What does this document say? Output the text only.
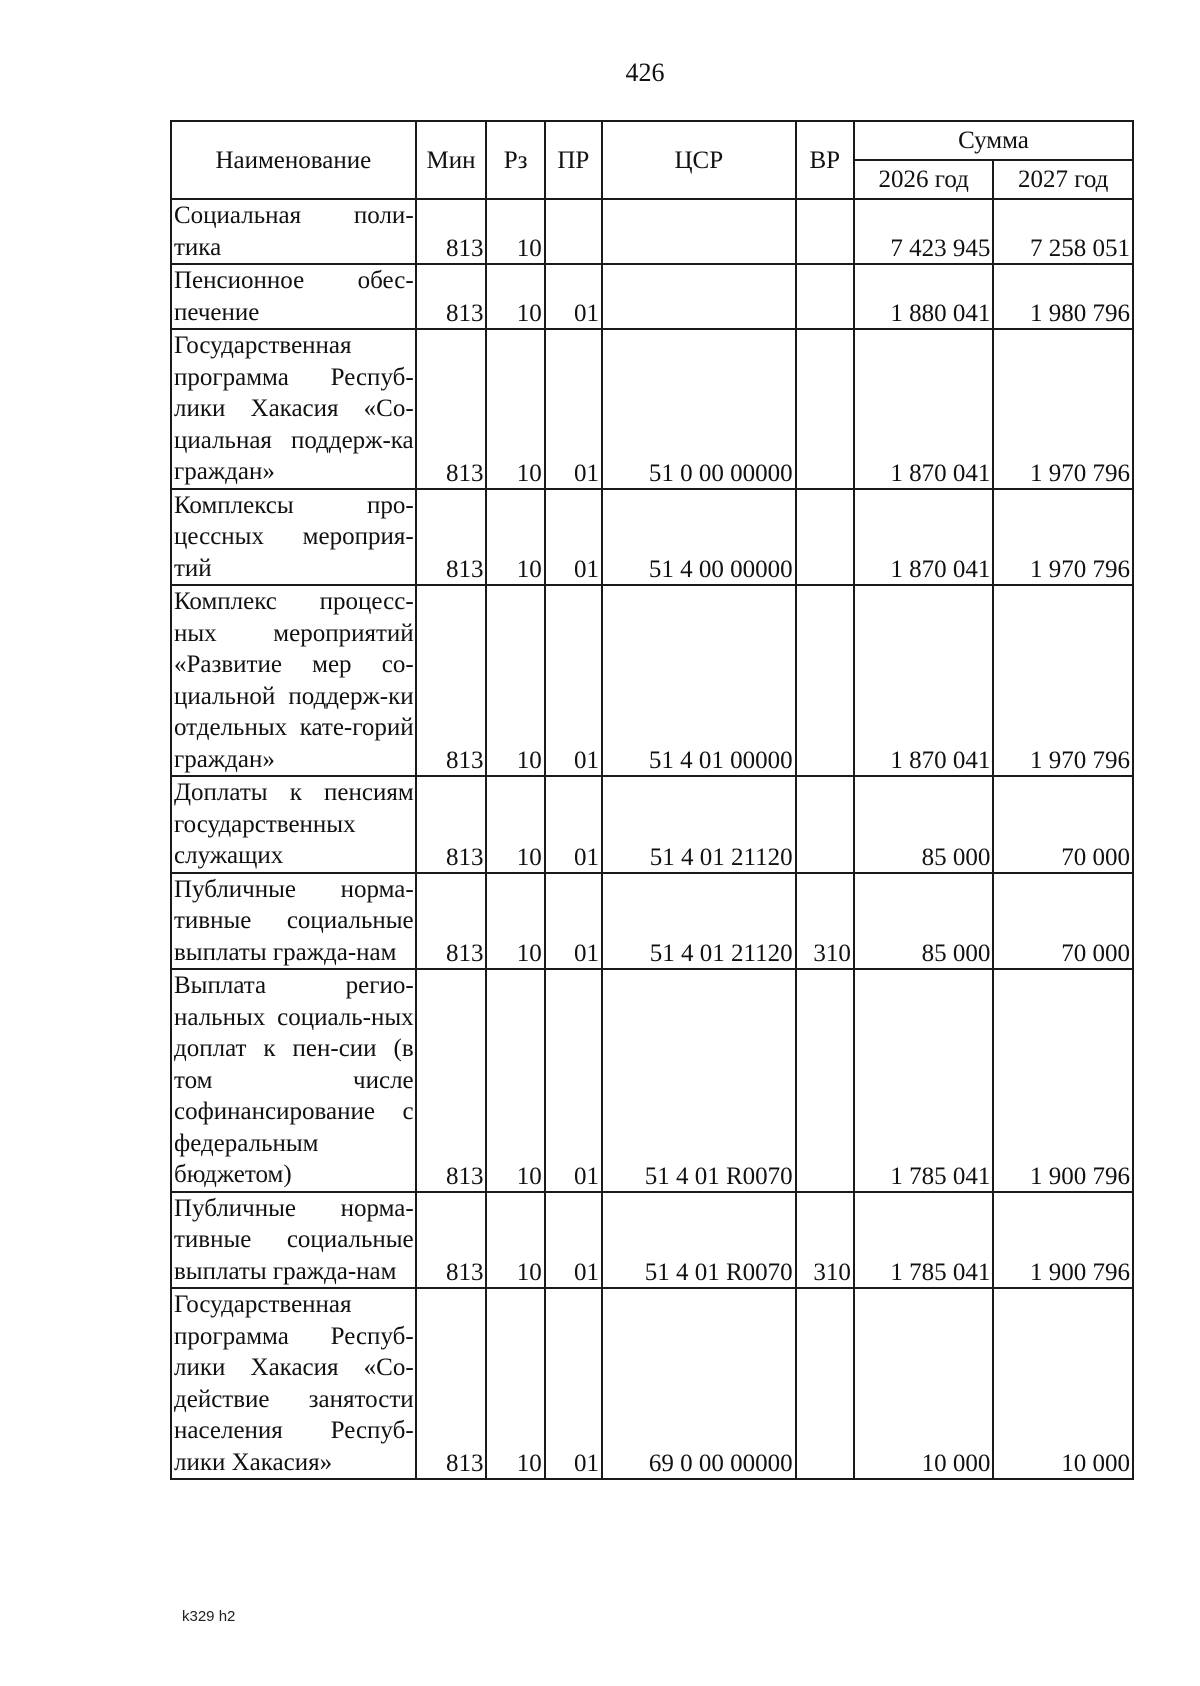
426
Наименование	Мин	Рз	ПР	ЦСР	ВР	Сумма	
						2026 год	2027 год
Социальная поли-тика	813	10				7 423 945	7 258 051
Пенсионное обес-печение	813	10	01			1 880 041	1 980 796
Государственная программа Респуб-лики Хакасия «Со-циальная поддерж-ка граждан»	813	10	01	51 0 00 00000		1 870 041	1 970 796
Комплексы про-цессных мероприя-тий	813	10	01	51 4 00 00000		1 870 041	1 970 796
Комплекс процесс-ных мероприятий «Развитие мер со-циальной поддерж-ки отдельных кате-горий граждан»	813	10	01	51 4 01 00000		1 870 041	1 970 796
Доплаты к пенсиям государственных служащих	813	10	01	51 4 01 21120		85 000	70 000
Публичные норма-тивные социальные выплаты гражда-нам	813	10	01	51 4 01 21120	310	85 000	70 000
Выплата регио-нальных социаль-ных доплат к пен-сии (в том числе софинансирование с федеральным бюджетом)	813	10	01	51 4 01 R0070		1 785 041	1 900 796
Публичные норма-тивные социальные выплаты гражда-нам	813	10	01	51 4 01 R0070	310	1 785 041	1 900 796
Государственная программа Респуб-лики Хакасия «Со-действие занятости населения Респуб-лики Хакасия»	813	10	01	69 0 00 00000		10 000	10 000
k329 h2
